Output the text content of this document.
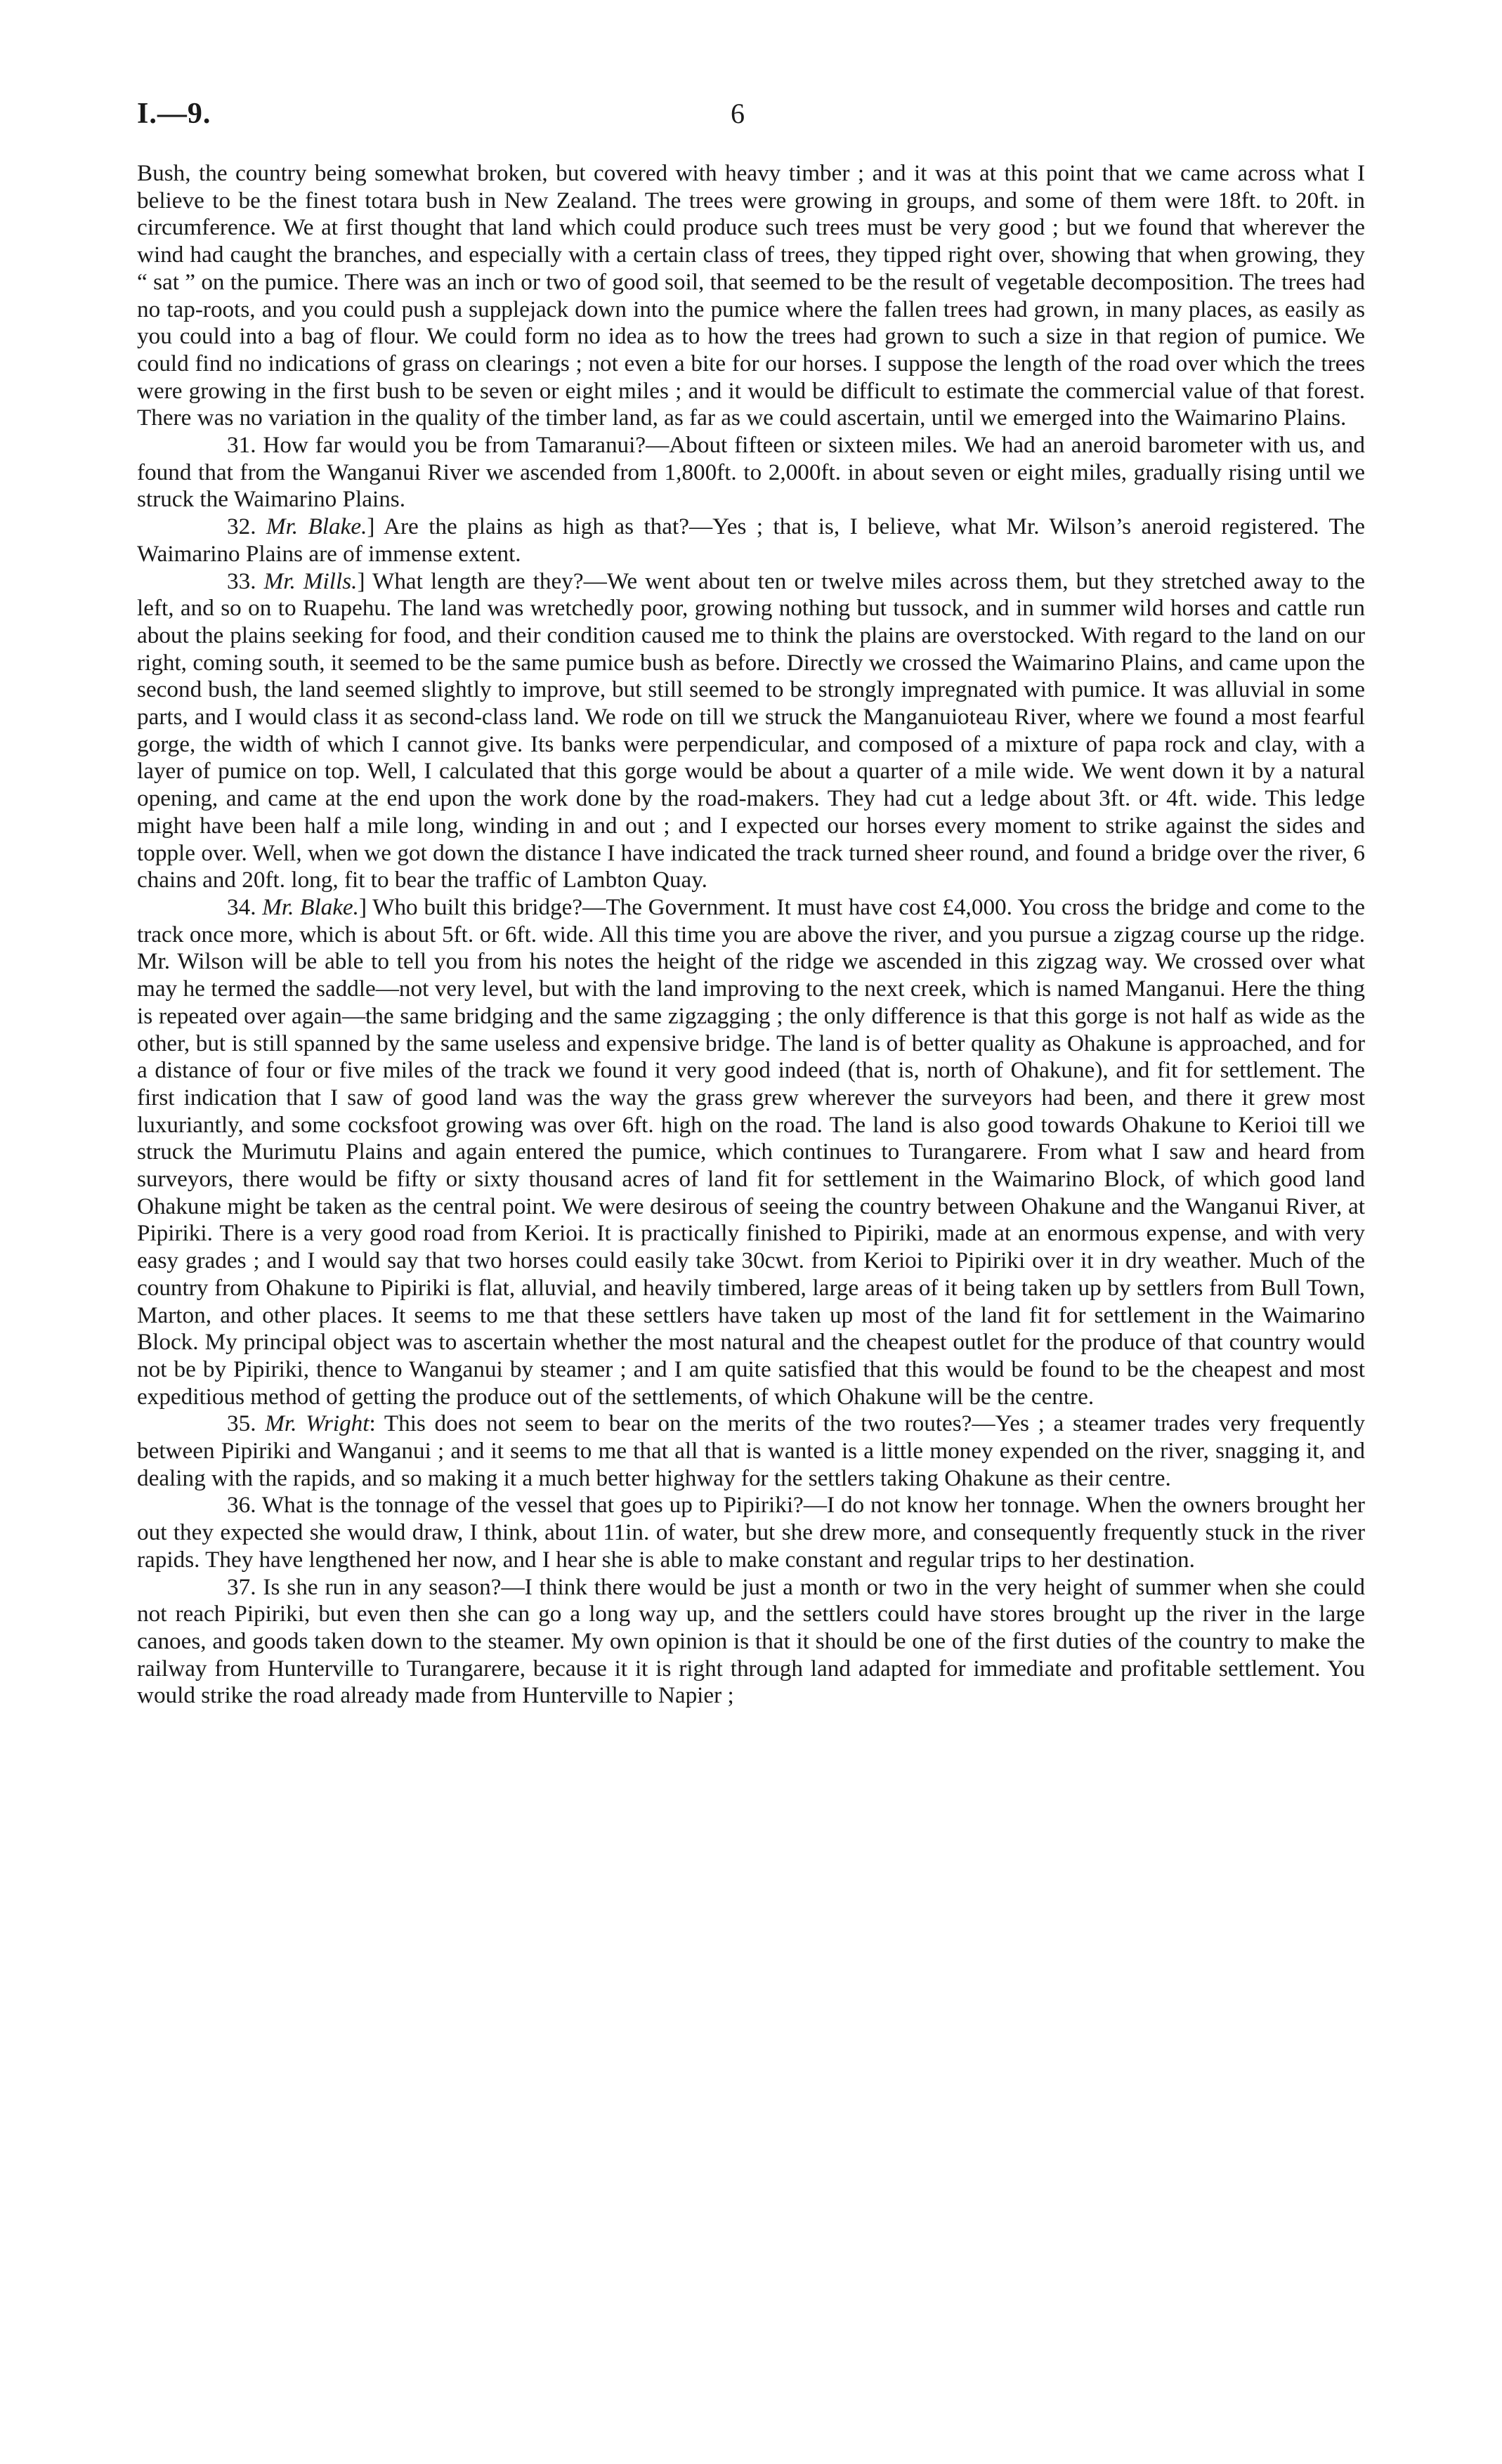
I.—9.	6

Bush, the country being somewhat broken, but covered with heavy timber ; and it was at this point that we came across what I believe to be the finest totara bush in New Zealand. The trees were growing in groups, and some of them were 18ft. to 20ft. in circumference. We at first thought that land which could produce such trees must be very good ; but we found that wherever the wind had caught the branches, and especially with a certain class of trees, they tipped right over, showing that when growing, they “ sat ” on the pumice. There was an inch or two of good soil, that seemed to be the result of vegetable decomposition. The trees had no tap-roots, and you could push a supplejack down into the pumice where the fallen trees had grown, in many places, as easily as you could into a bag of flour. We could form no idea as to how the trees had grown to such a size in that region of pumice. We could find no indications of grass on clearings ; not even a bite for our horses. I suppose the length of the road over which the trees were growing in the first bush to be seven or eight miles ; and it would be difficult to estimate the commercial value of that forest. There was no variation in the quality of the timber land, as far as we could ascertain, until we emerged into the Waimarino Plains.

31. How far would you be from Tamaranui?—About fifteen or sixteen miles. We had an aneroid barometer with us, and found that from the Wanganui River we ascended from 1,800ft. to 2,000ft. in about seven or eight miles, gradually rising until we struck the Waimarino Plains.

32. Mr. Blake.] Are the plains as high as that?—Yes ; that is, I believe, what Mr. Wilson’s aneroid registered. The Waimarino Plains are of immense extent.

33. Mr. Mills.] What length are they?—We went about ten or twelve miles across them, but they stretched away to the left, and so on to Ruapehu. The land was wretchedly poor, growing nothing but tussock, and in summer wild horses and cattle run about the plains seeking for food, and their condition caused me to think the plains are overstocked. With regard to the land on our right, coming south, it seemed to be the same pumice bush as before. Directly we crossed the Waimarino Plains, and came upon the second bush, the land seemed slightly to improve, but still seemed to be strongly impregnated with pumice. It was alluvial in some parts, and I would class it as second-class land. We rode on till we struck the Manganuioteau River, where we found a most fearful gorge, the width of which I cannot give. Its banks were perpendicular, and composed of a mixture of papa rock and clay, with a layer of pumice on top. Well, I calculated that this gorge would be about a quarter of a mile wide. We went down it by a natural opening, and came at the end upon the work done by the road-makers. They had cut a ledge about 3ft. or 4ft. wide. This ledge might have been half a mile long, winding in and out ; and I expected our horses every moment to strike against the sides and topple over. Well, when we got down the distance I have indicated the track turned sheer round, and found a bridge over the river, 6 chains and 20ft. long, fit to bear the traffic of Lambton Quay.

34. Mr. Blake.] Who built this bridge?—The Government. It must have cost £4,000. You cross the bridge and come to the track once more, which is about 5ft. or 6ft. wide. All this time you are above the river, and you pursue a zigzag course up the ridge. Mr. Wilson will be able to tell you from his notes the height of the ridge we ascended in this zigzag way. We crossed over what may he termed the saddle—not very level, but with the land improving to the next creek, which is named Manganui. Here the thing is repeated over again—the same bridging and the same zigzagging ; the only difference is that this gorge is not half as wide as the other, but is still spanned by the same useless and expensive bridge. The land is of better quality as Ohakune is approached, and for a distance of four or five miles of the track we found it very good indeed (that is, north of Ohakune), and fit for settlement. The first indication that I saw of good land was the way the grass grew wherever the surveyors had been, and there it grew most luxuriantly, and some cocksfoot growing was over 6ft. high on the road. The land is also good towards Ohakune to Kerioi till we struck the Murimutu Plains and again entered the pumice, which continues to Turangarere. From what I saw and heard from surveyors, there would be fifty or sixty thousand acres of land fit for settlement in the Waimarino Block, of which good land Ohakune might be taken as the central point. We were desirous of seeing the country between Ohakune and the Wanganui River, at Pipiriki. There is a very good road from Kerioi. It is practically finished to Pipiriki, made at an enormous expense, and with very easy grades ; and I would say that two horses could easily take 30cwt. from Kerioi to Pipiriki over it in dry weather. Much of the country from Ohakune to Pipiriki is flat, alluvial, and heavily timbered, large areas of it being taken up by settlers from Bull Town, Marton, and other places. It seems to me that these settlers have taken up most of the land fit for settlement in the Waimarino Block. My principal object was to ascertain whether the most natural and the cheapest outlet for the produce of that country would not be by Pipiriki, thence to Wanganui by steamer ; and I am quite satisfied that this would be found to be the cheapest and most expeditious method of getting the produce out of the settlements, of which Ohakune will be the centre.

35. Mr. Wright: This does not seem to bear on the merits of the two routes?—Yes ; a steamer trades very frequently between Pipiriki and Wanganui ; and it seems to me that all that is wanted is a little money expended on the river, snagging it, and dealing with the rapids, and so making it a much better highway for the settlers taking Ohakune as their centre.

36. What is the tonnage of the vessel that goes up to Pipiriki?—I do not know her tonnage. When the owners brought her out they expected she would draw, I think, about 11in. of water, but she drew more, and consequently frequently stuck in the river rapids. They have lengthened her now, and I hear she is able to make constant and regular trips to her destination.

37. Is she run in any season?—I think there would be just a month or two in the very height of summer when she could not reach Pipiriki, but even then she can go a long way up, and the settlers could have stores brought up the river in the large canoes, and goods taken down to the steamer. My own opinion is that it should be one of the first duties of the country to make the railway from Hunterville to Turangarere, because it it is right through land adapted for immediate and profitable settlement. You would strike the road already made from Hunterville to Napier ;
